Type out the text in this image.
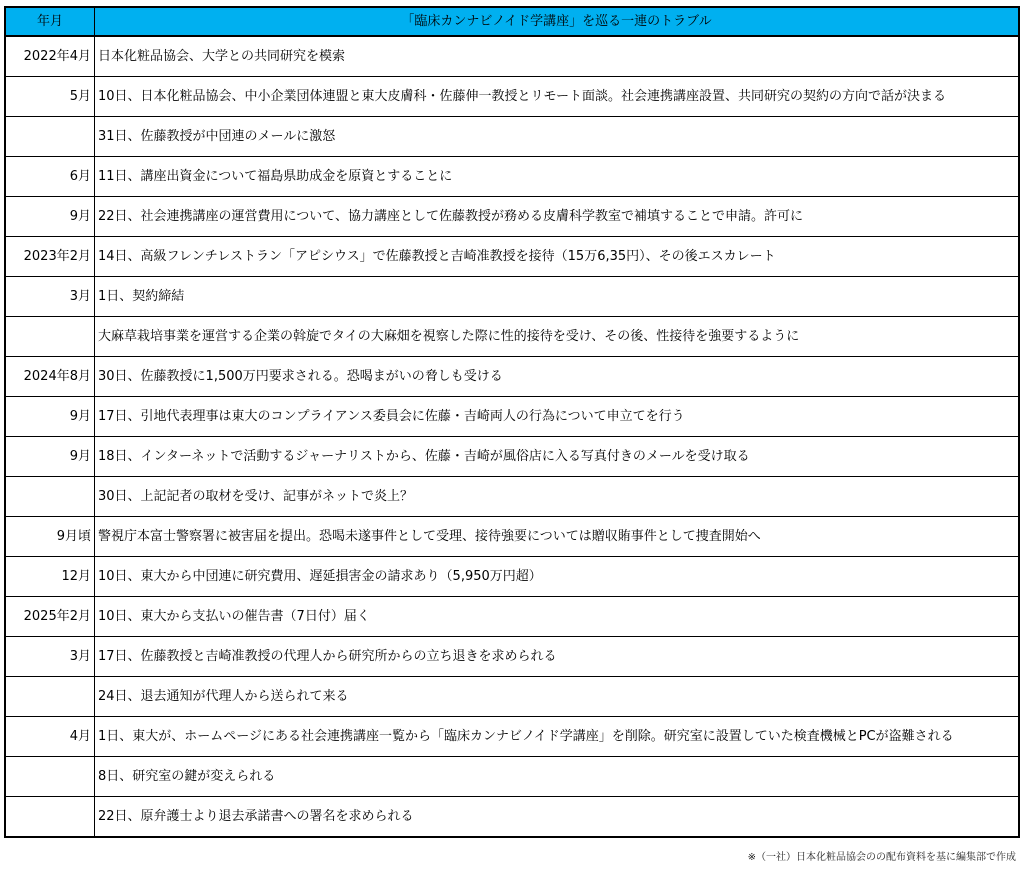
年月	「臨床カンナビノイド学講座」を巡る一連のトラブル
2022年4月	日本化粧品協会、大学との共同研究を模索
5月	10日、日本化粧品協会、中小企業団体連盟と東大皮膚科・佐藤伸一教授とリモート面談。社会連携講座設置、共同研究の契約の方向で話が決まる
	31日、佐藤教授が中団連のメールに激怒
6月	11日、講座出資金について福島県助成金を原資とすることに
9月	22日、社会連携講座の運営費用について、協力講座として佐藤教授が務める皮膚科学教室で補填することで申請。許可に
2023年2月	14日、高級フレンチレストラン「アピシウス」で佐藤教授と吉崎准教授を接待（15万6,35円）、その後エスカレート
3月	1日、契約締結
	大麻草栽培事業を運営する企業の斡旋でタイの大麻畑を視察した際に性的接待を受け、その後、性接待を強要するように
2024年8月	30日、佐藤教授に1,500万円要求される。恐喝まがいの脅しも受ける
9月	17日、引地代表理事は東大のコンプライアンス委員会に佐藤・吉崎両人の行為について申立てを行う
9月	18日、インターネットで活動するジャーナリストから、佐藤・吉崎が風俗店に入る写真付きのメールを受け取る
	30日、上記記者の取材を受け、記事がネットで炎上？
9月頃	警視庁本富士警察署に被害届を提出。恐喝未遂事件として受理、接待強要については贈収賄事件として捜査開始へ
12月	10日、東大から中団連に研究費用、遅延損害金の請求あり（5,950万円超）
2025年2月	10日、東大から支払いの催告書（7日付）届く
3月	17日、佐藤教授と吉崎准教授の代理人から研究所からの立ち退きを求められる
	24日、退去通知が代理人から送られて来る
4月	1日、東大が、ホームページにある社会連携講座一覧から「臨床カンナビノイド学講座」を削除。研究室に設置していた検査機械とPCが盗難される
	8日、研究室の鍵が変えられる
	22日、原弁護士より退去承諾書への署名を求められる
※（一社）日本化粧品協会のの配布資料を基に編集部で作成
